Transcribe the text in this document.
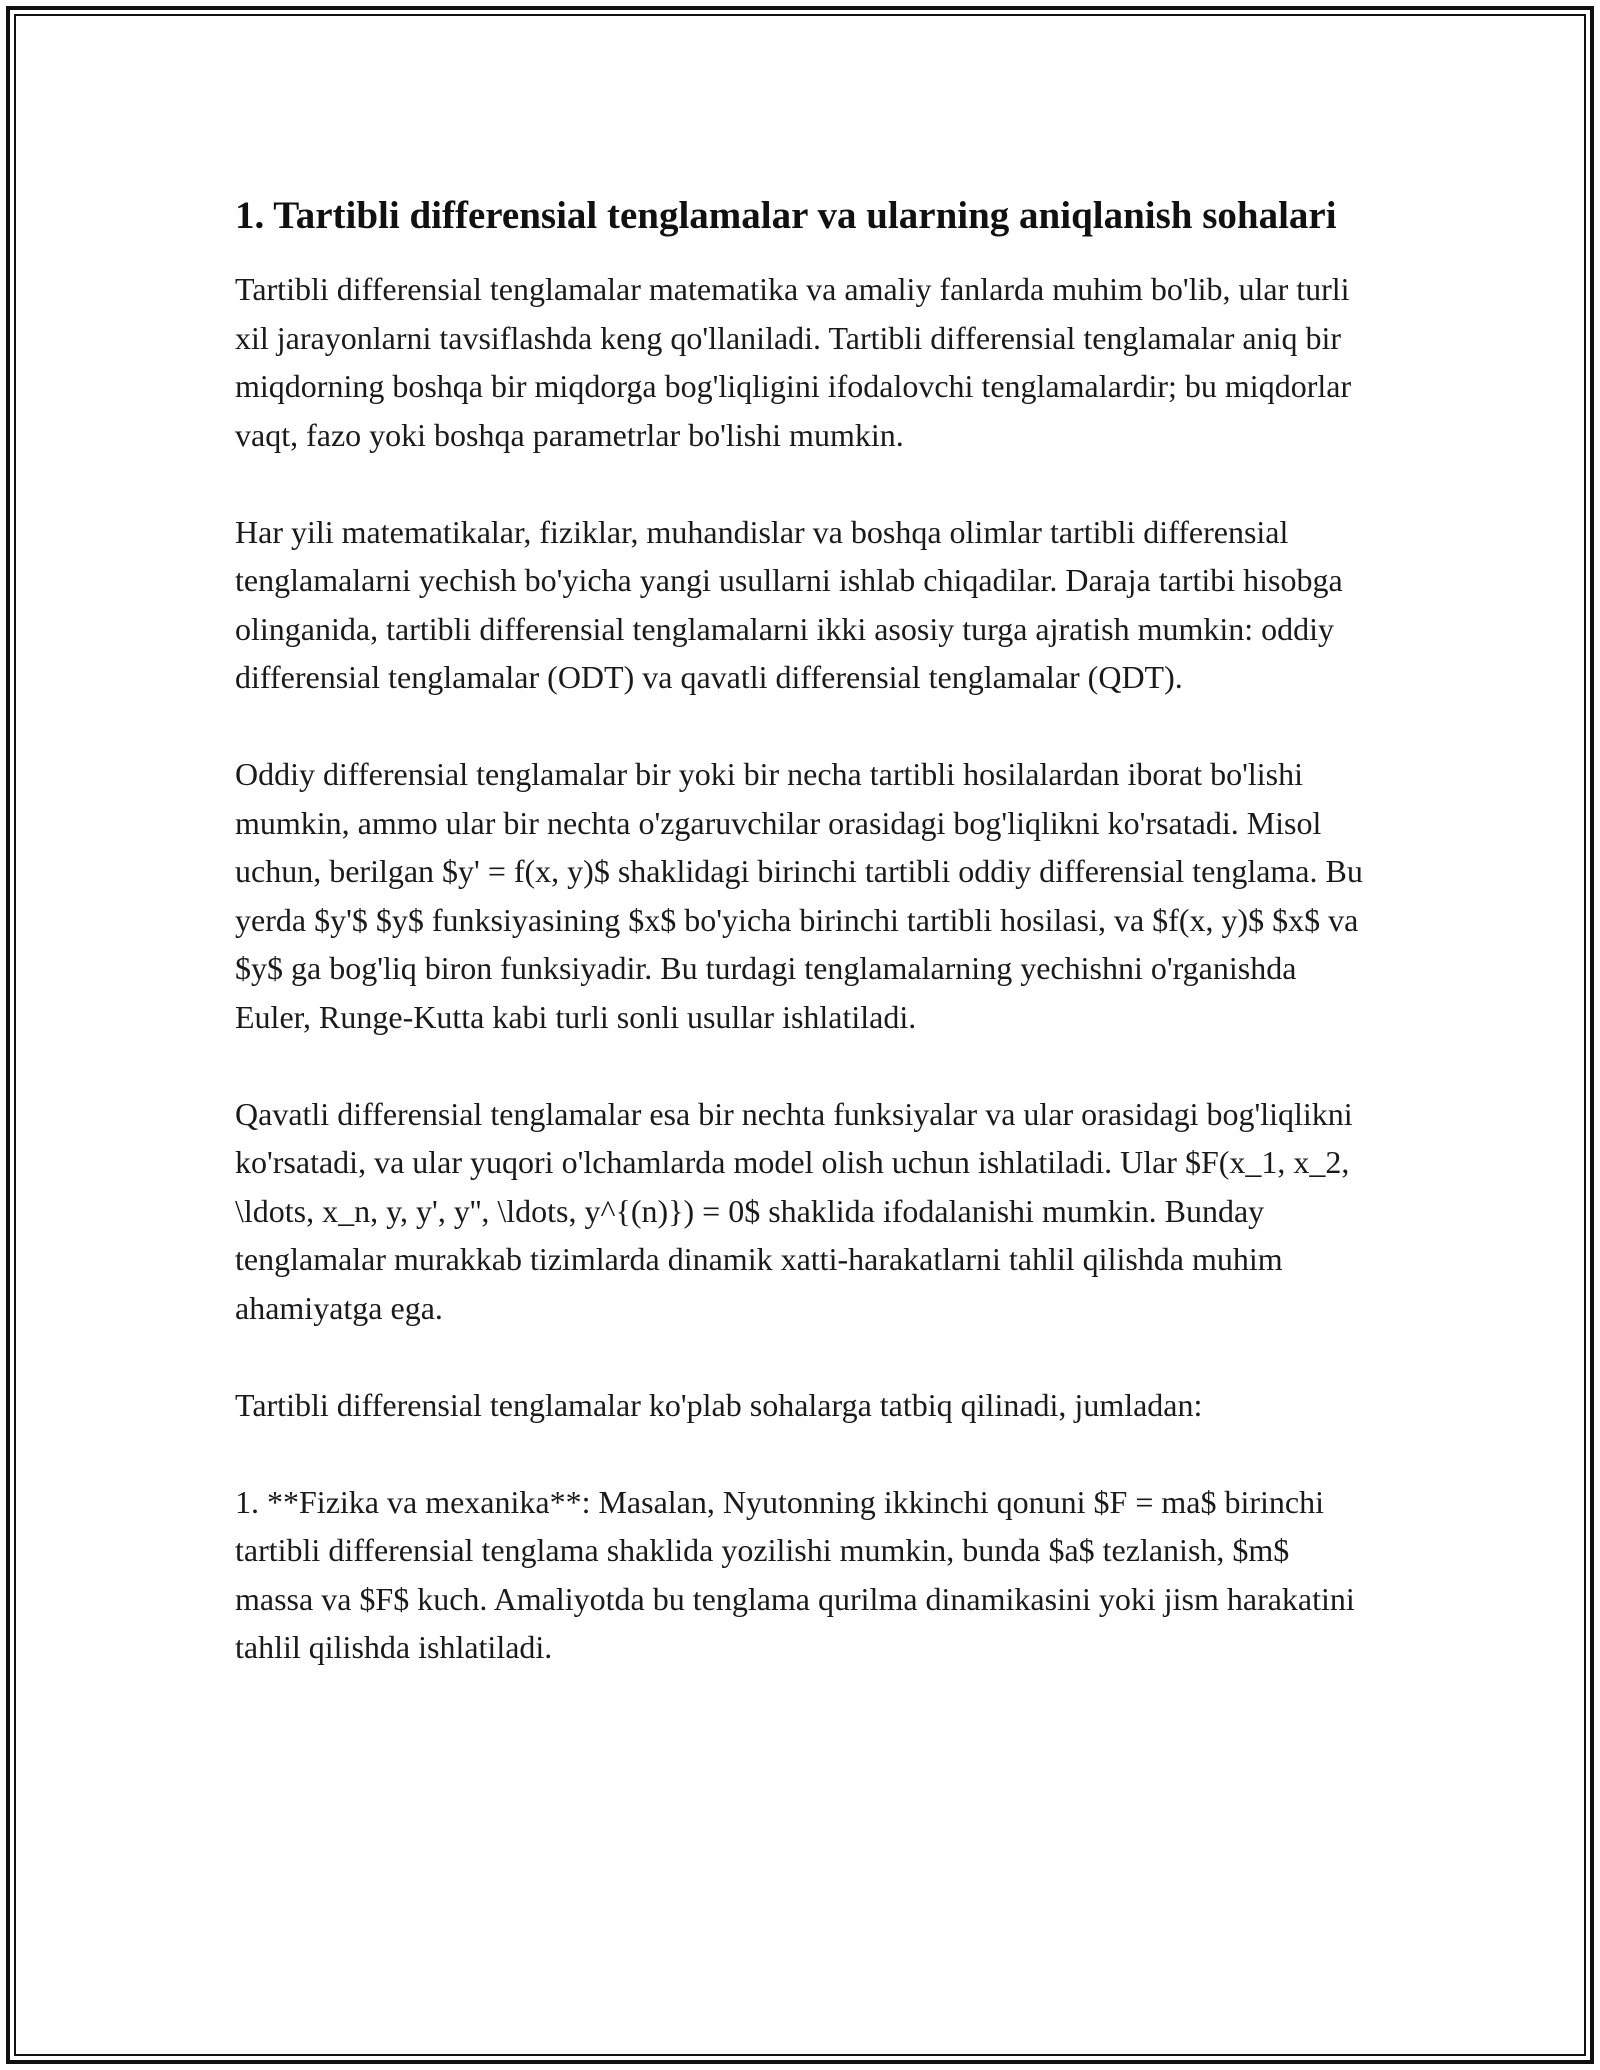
1. Tartibli differensial tenglamalar va ularning aniqlanish sohalari

Tartibli differensial tenglamalar matematika va amaliy fanlarda muhim bo'lib, ular turli xil jarayonlarni tavsiflashda keng qo'llaniladi. Tartibli differensial tenglamalar aniq bir miqdorning boshqa bir miqdorga bog'liqligini ifodalovchi tenglamalardir; bu miqdorlar vaqt, fazo yoki boshqa parametrlar bo'lishi mumkin.

Har yili matematikalar, fiziklar, muhandislar va boshqa olimlar tartibli differensial tenglamalarni yechish bo'yicha yangi usullarni ishlab chiqadilar. Daraja tartibi hisobga olinganida, tartibli differensial tenglamalarni ikki asosiy turga ajratish mumkin: oddiy differensial tenglamalar (ODT) va qavatli differensial tenglamalar (QDT).

Oddiy differensial tenglamalar bir yoki bir necha tartibli hosilalardan iborat bo'lishi mumkin, ammo ular bir nechta o'zgaruvchilar orasidagi bog'liqlikni ko'rsatadi. Misol uchun, berilgan $y' = f(x, y)$ shaklidagi birinchi tartibli oddiy differensial tenglama. Bu yerda $y'$ $y$ funksiyasining $x$ bo'yicha birinchi tartibli hosilasi, va $f(x, y)$ $x$ va $y$ ga bog'liq biron funksiyadir. Bu turdagi tenglamalarning yechishni o'rganishda Euler, Runge-Kutta kabi turli sonli usullar ishlatiladi.

Qavatli differensial tenglamalar esa bir nechta funksiyalar va ular orasidagi bog'liqlikni ko'rsatadi, va ular yuqori o'lchamlarda model olish uchun ishlatiladi. Ular $F(x_1, x_2, \ldots, x_n, y, y', y'', \ldots, y^{(n)}) = 0$ shaklida ifodalanishi mumkin. Bunday tenglamalar murakkab tizimlarda dinamik xatti-harakatlarni tahlil qilishda muhim ahamiyatga ega.

Tartibli differensial tenglamalar ko'plab sohalarga tatbiq qilinadi, jumladan:

1. **Fizika va mexanika**: Masalan, Nyutonning ikkinchi qonuni $F = ma$ birinchi tartibli differensial tenglama shaklida yozilishi mumkin, bunda $a$ tezlanish, $m$ massa va $F$ kuch. Amaliyotda bu tenglama qurilma dinamikasini yoki jism harakatini tahlil qilishda ishlatiladi.
